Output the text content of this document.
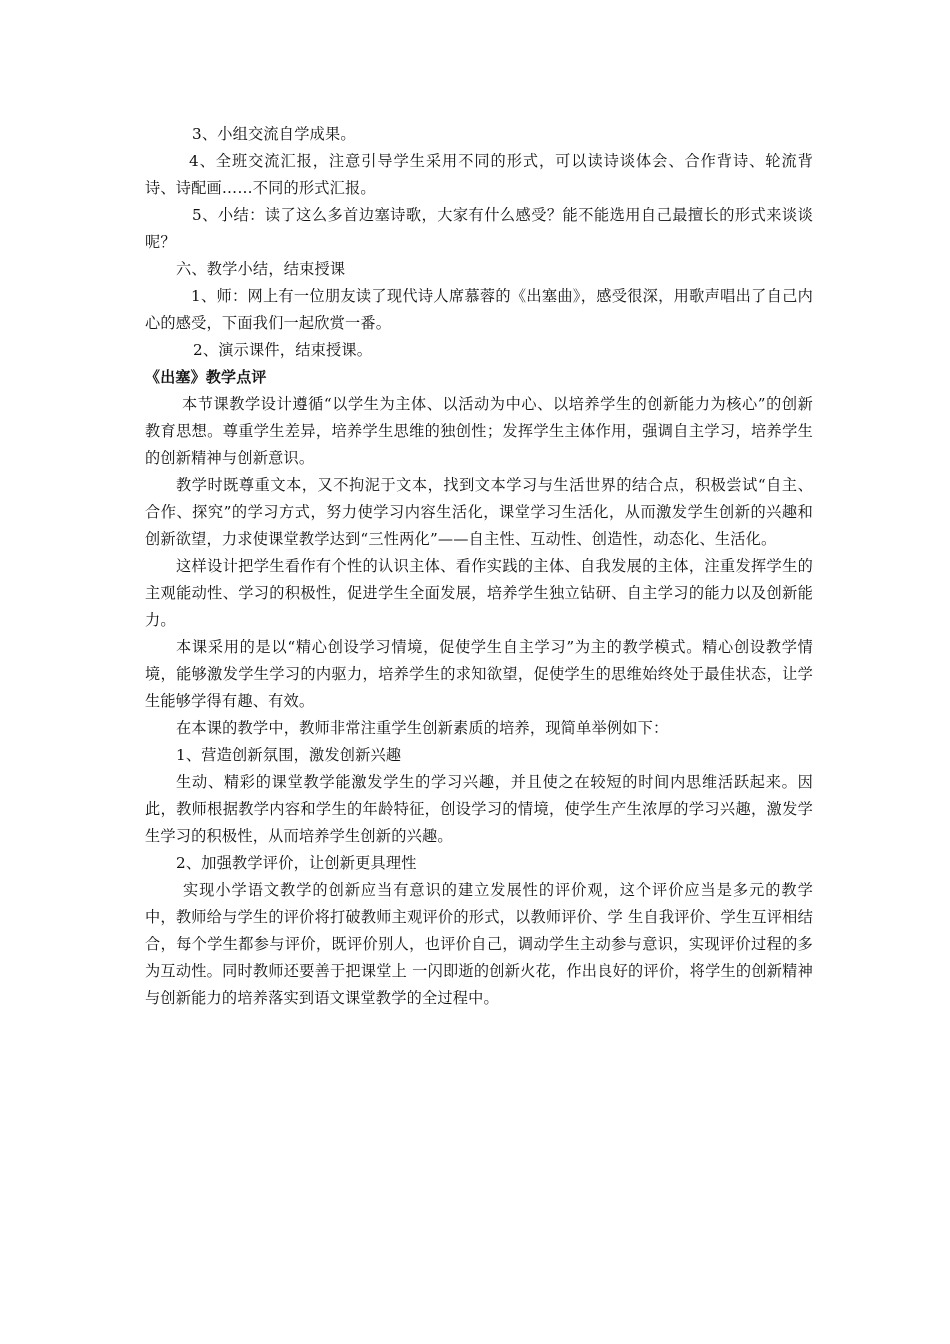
3、小组交流自学成果。

4、全班交流汇报，注意引导学生采用不同的形式，可以读诗谈体会、合作背诗、轮流背诗、诗配画……不同的形式汇报。

5、小结：读了这么多首边塞诗歌，大家有什么感受？能不能选用自己最擅长的形式来谈谈呢？

六、教学小结，结束授课

1、师：网上有一位朋友读了现代诗人席慕蓉的《出塞曲》，感受很深，用歌声唱出了自己内心的感受，下面我们一起欣赏一番。

2、演示课件，结束授课。

《出塞》教学点评

本节课教学设计遵循“以学生为主体、以活动为中心、以培养学生的创新能力为核心”的创新教育思想。尊重学生差异，培养学生思维的独创性；发挥学生主体作用，强调自主学习，培养学生的创新精神与创新意识。

教学时既尊重文本，又不拘泥于文本，找到文本学习与生活世界的结合点，积极尝试“自主、合作、探究”的学习方式，努力使学习内容生活化，课堂学习生活化，从而激发学生创新的兴趣和创新欲望，力求使课堂教学达到“三性两化”——自主性、互动性、创造性，动态化、生活化。

这样设计把学生看作有个性的认识主体、看作实践的主体、自我发展的主体，注重发挥学生的主观能动性、学习的积极性，促进学生全面发展，培养学生独立钻研、自主学习的能力以及创新能力。

本课采用的是以“精心创设学习情境，促使学生自主学习”为主的教学模式。精心创设教学情境，能够激发学生学习的内驱力，培养学生的求知欲望，促使学生的思维始终处于最佳状态，让学生能够学得有趣、有效。

在本课的教学中，教师非常注重学生创新素质的培养，现简单举例如下：

1、营造创新氛围，激发创新兴趣

生动、精彩的课堂教学能激发学生的学习兴趣，并且使之在较短的时间内思维活跃起来。因此，教师根据教学内容和学生的年龄特征，创设学习的情境，使学生产生浓厚的学习兴趣，激发学生学习的积极性，从而培养学生创新的兴趣。

2、加强教学评价，让创新更具理性

实现小学语文教学的创新应当有意识的建立发展性的评价观，这个评价应当是多元的教学中，教师给与学生的评价将打破教师主观评价的形式，以教师评价、学 生自我评价、学生互评相结合，每个学生都参与评价，既评价别人，也评价自己，调动学生主动参与意识，实现评价过程的多为互动性。同时教师还要善于把课堂上 一闪即逝的创新火花，作出良好的评价，将学生的创新精神与创新能力的培养落实到语文课堂教学的全过程中。
